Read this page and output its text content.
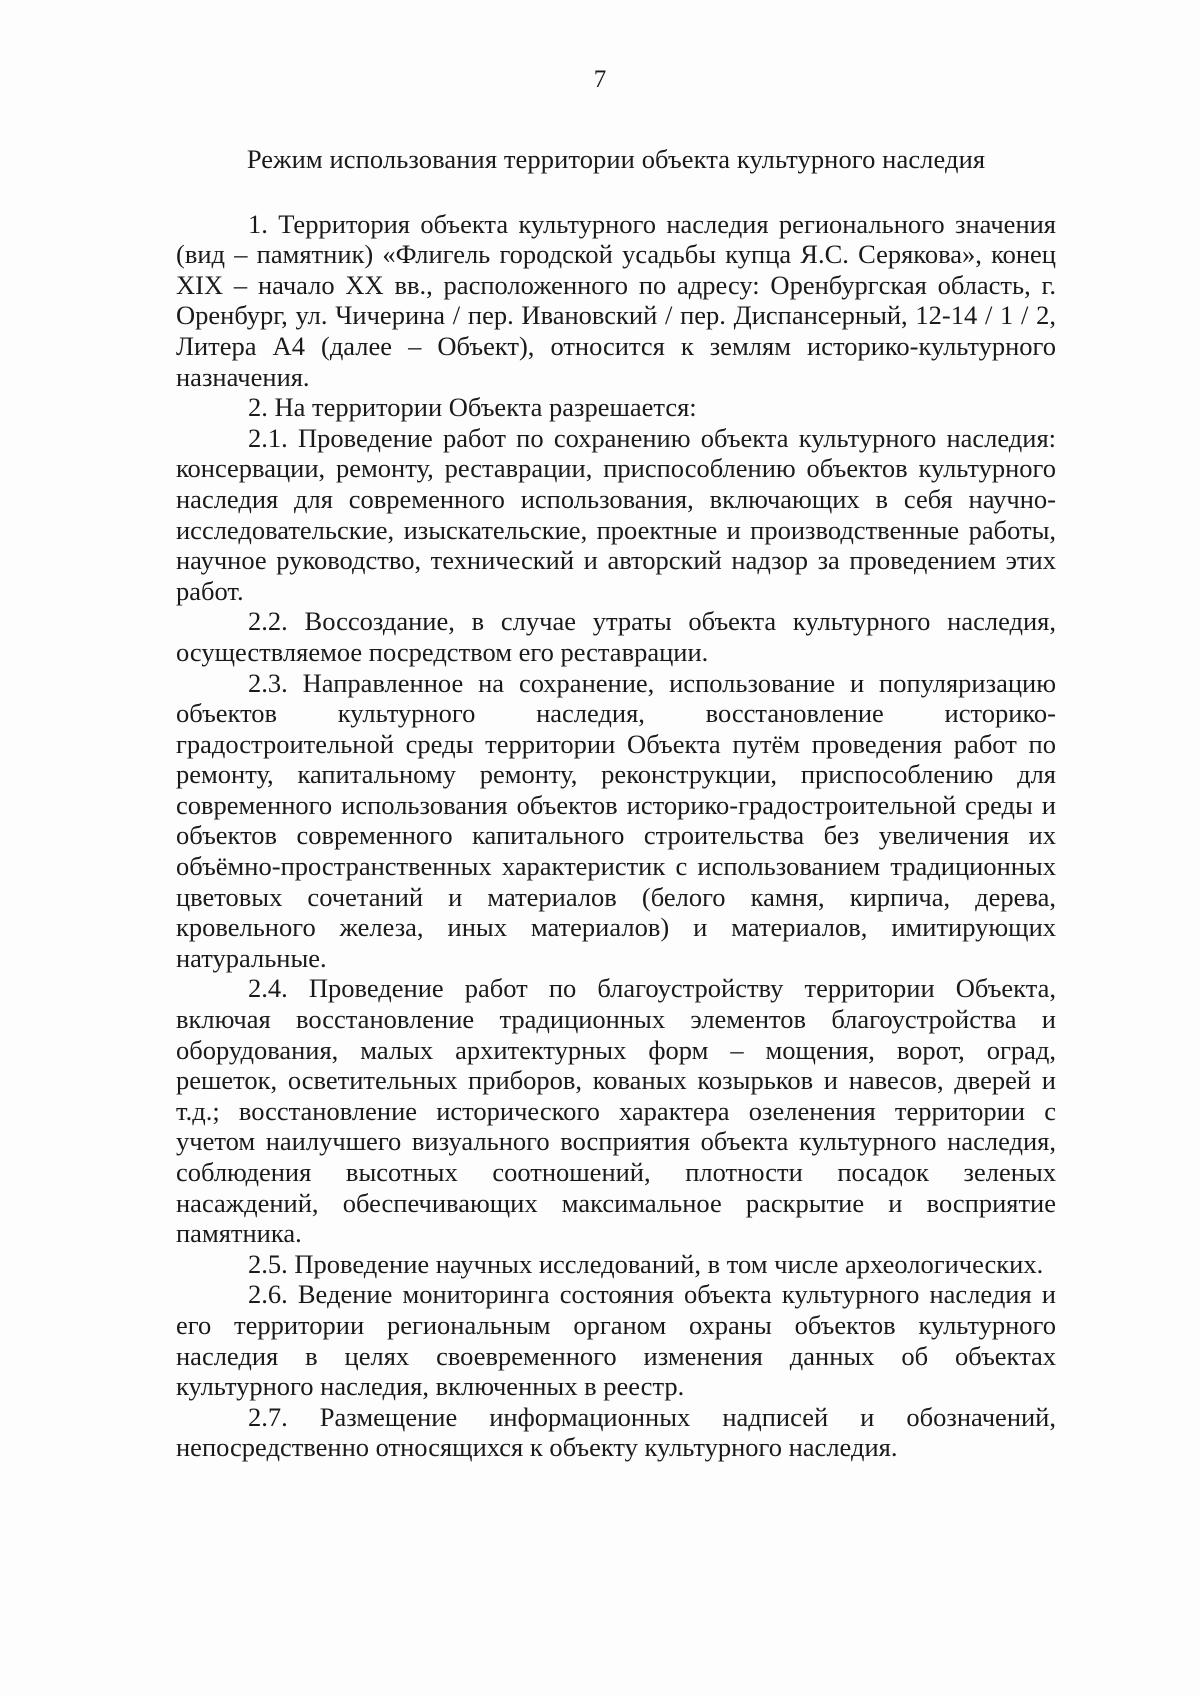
7
Режим использования территории объекта культурного наследия

1. Территория объекта культурного наследия регионального значения (вид – памятник) «Флигель городской усадьбы купца Я.С. Серякова», конец XIX – начало XX вв., расположенного по адресу: Оренбургская область, г. Оренбург, ул. Чичерина / пер. Ивановский / пер. Диспансерный, 12-14 / 1 / 2, Литера А4 (далее – Объект), относится к землям историко-культурного назначения.

2. На территории Объекта разрешается:

2.1. Проведение работ по сохранению объекта культурного наследия: консервации, ремонту, реставрации, приспособлению объектов культурного наследия для современного использования, включающих в себя научно-исследовательские, изыскательские, проектные и производственные работы, научное руководство, технический и авторский надзор за проведением этих работ.

2.2. Воссоздание, в случае утраты объекта культурного наследия, осуществляемое посредством его реставрации.

2.3. Направленное на сохранение, использование и популяризацию объектов культурного наследия, восстановление историко-градостроительной среды территории Объекта путём проведения работ по ремонту, капитальному ремонту, реконструкции, приспособлению для современного использования объектов историко-градостроительной среды и объектов современного капитального строительства без увеличения их объёмно-пространственных характеристик с использованием традиционных цветовых сочетаний и материалов (белого камня, кирпича, дерева, кровельного железа, иных материалов) и материалов, имитирующих натуральные.

2.4. Проведение работ по благоустройству территории Объекта, включая восстановление традиционных элементов благоустройства и оборудования, малых архитектурных форм – мощения, ворот, оград, решеток, осветительных приборов, кованых козырьков и навесов, дверей и т.д.; восстановление исторического характера озеленения территории с учетом наилучшего визуального восприятия объекта культурного наследия, соблюдения высотных соотношений, плотности посадок зеленых насаждений, обеспечивающих максимальное раскрытие и восприятие памятника.

2.5. Проведение научных исследований, в том числе археологических.

2.6. Ведение мониторинга состояния объекта культурного наследия и его территории региональным органом охраны объектов культурного наследия в целях своевременного изменения данных об объектах культурного наследия, включенных в реестр.

2.7. Размещение информационных надписей и обозначений, непосредственно относящихся к объекту культурного наследия.
